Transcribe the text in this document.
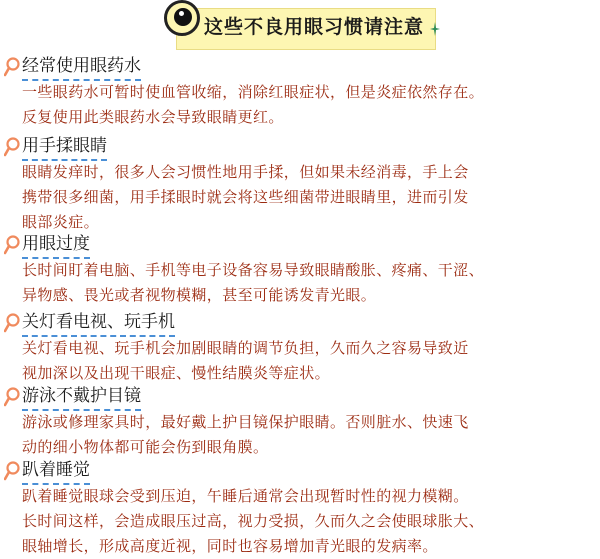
这些不良用眼习惯请注意
经常使用眼药水
一些眼药水可暂时使血管收缩，消除红眼症状，但是炎症依然存在。
反复使用此类眼药水会导致眼睛更红。
用手揉眼睛
眼睛发痒时，很多人会习惯性地用手揉，但如果未经消毒，手上会
携带很多细菌，用手揉眼时就会将这些细菌带进眼睛里，进而引发
眼部炎症。
用眼过度
长时间盯着电脑、手机等电子设备容易导致眼睛酸胀、疼痛、干涩、
异物感、畏光或者视物模糊，甚至可能诱发青光眼。
关灯看电视、玩手机
关灯看电视、玩手机会加剧眼睛的调节负担，久而久之容易导致近
视加深以及出现干眼症、慢性结膜炎等症状。
游泳不戴护目镜
游泳或修理家具时，最好戴上护目镜保护眼睛。否则脏水、快速飞
动的细小物体都可能会伤到眼角膜。
趴着睡觉
趴着睡觉眼球会受到压迫，午睡后通常会出现暂时性的视力模糊。
长时间这样，会造成眼压过高，视力受损，久而久之会使眼球胀大、
眼轴增长，形成高度近视，同时也容易增加青光眼的发病率。
